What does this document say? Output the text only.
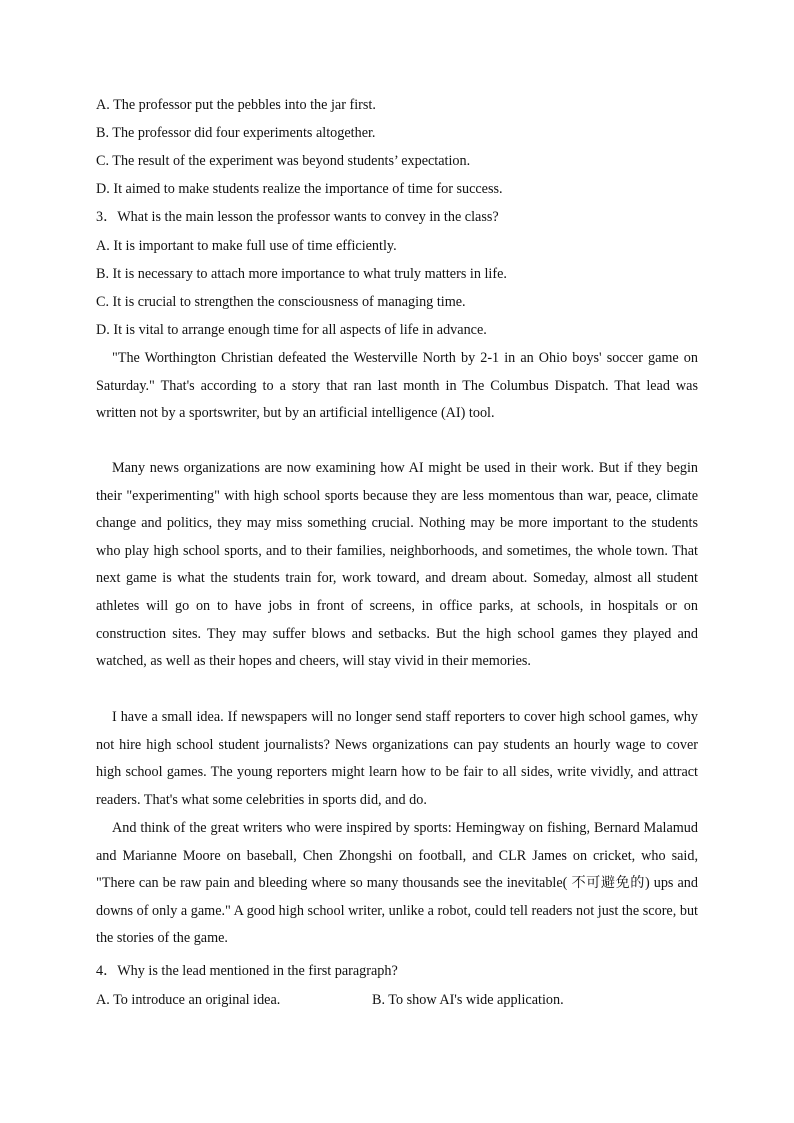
A. The professor put the pebbles into the jar first.
B. The professor did four experiments altogether.
C. The result of the experiment was beyond students’ expectation.
D. It aimed to make students realize the importance of time for success.
3．What is the main lesson the professor wants to convey in the class?
A. It is important to make full use of time efficiently.
B. It is necessary to attach more importance to what truly matters in life.
C. It is crucial to strengthen the consciousness of managing time.
D. It is vital to arrange enough time for all aspects of life in advance.

"The Worthington Christian defeated the Westerville North by 2-1 in an Ohio boys' soccer game on Saturday." That's according to a story that ran last month in The Columbus Dispatch. That lead was written not by a sportswriter, but by an artificial intelligence (AI) tool.

Many news organizations are now examining how AI might be used in their work. But if they begin their "experimenting" with high school sports because they are less momentous than war, peace, climate change and politics, they may miss something crucial. Nothing may be more important to the students who play high school sports, and to their families, neighborhoods, and sometimes, the whole town. That next game is what the students train for, work toward, and dream about. Someday, almost all student athletes will go on to have jobs in front of screens, in office parks, at schools, in hospitals or on construction sites. They may suffer blows and setbacks. But the high school games they played and watched, as well as their hopes and cheers, will stay vivid in their memories.

I have a small idea. If newspapers will no longer send staff reporters to cover high school games, why not hire high school student journalists? News organizations can pay students an hourly wage to cover high school games. The young reporters might learn how to be fair to all sides, write vividly, and attract readers. That's what some celebrities in sports did, and do.

And think of the great writers who were inspired by sports: Hemingway on fishing, Bernard Malamud and Marianne Moore on baseball, Chen Zhongshi on football, and CLR James on cricket, who said, "There can be raw pain and bleeding where so many thousands see the inevitable( 不可避免的) ups and downs of only a game." A good high school writer, unlike a robot, could tell readers not just the score, but the stories of the game.

4．Why is the lead mentioned in the first paragraph?
A. To introduce an original idea.	B. To show AI's wide application.
